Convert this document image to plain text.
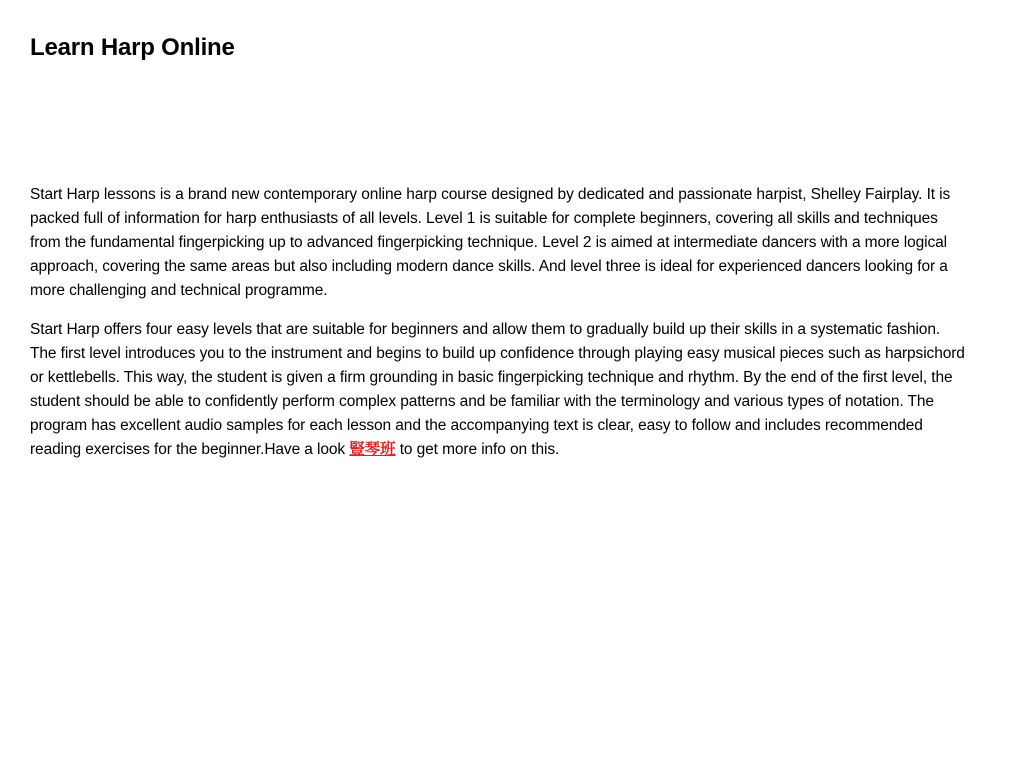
Learn Harp Online

Start Harp lessons is a brand new contemporary online harp course designed by dedicated and passionate harpist, Shelley Fairplay. It is packed full of information for harp enthusiasts of all levels. Level 1 is suitable for complete beginners, covering all skills and techniques from the fundamental fingerpicking up to advanced fingerpicking technique. Level 2 is aimed at intermediate dancers with a more logical approach, covering the same areas but also including modern dance skills. And level three is ideal for experienced dancers looking for a more challenging and technical programme.

Start Harp offers four easy levels that are suitable for beginners and allow them to gradually build up their skills in a systematic fashion. The first level introduces you to the instrument and begins to build up confidence through playing easy musical pieces such as harpsichord or kettlebells. This way, the student is given a firm grounding in basic fingerpicking technique and rhythm. By the end of the first level, the student should be able to confidently perform complex patterns and be familiar with the terminology and various types of notation. The program has excellent audio samples for each lesson and the accompanying text is clear, easy to follow and includes recommended reading exercises for the beginner.Have a look 豎琴班 to get more info on this.
